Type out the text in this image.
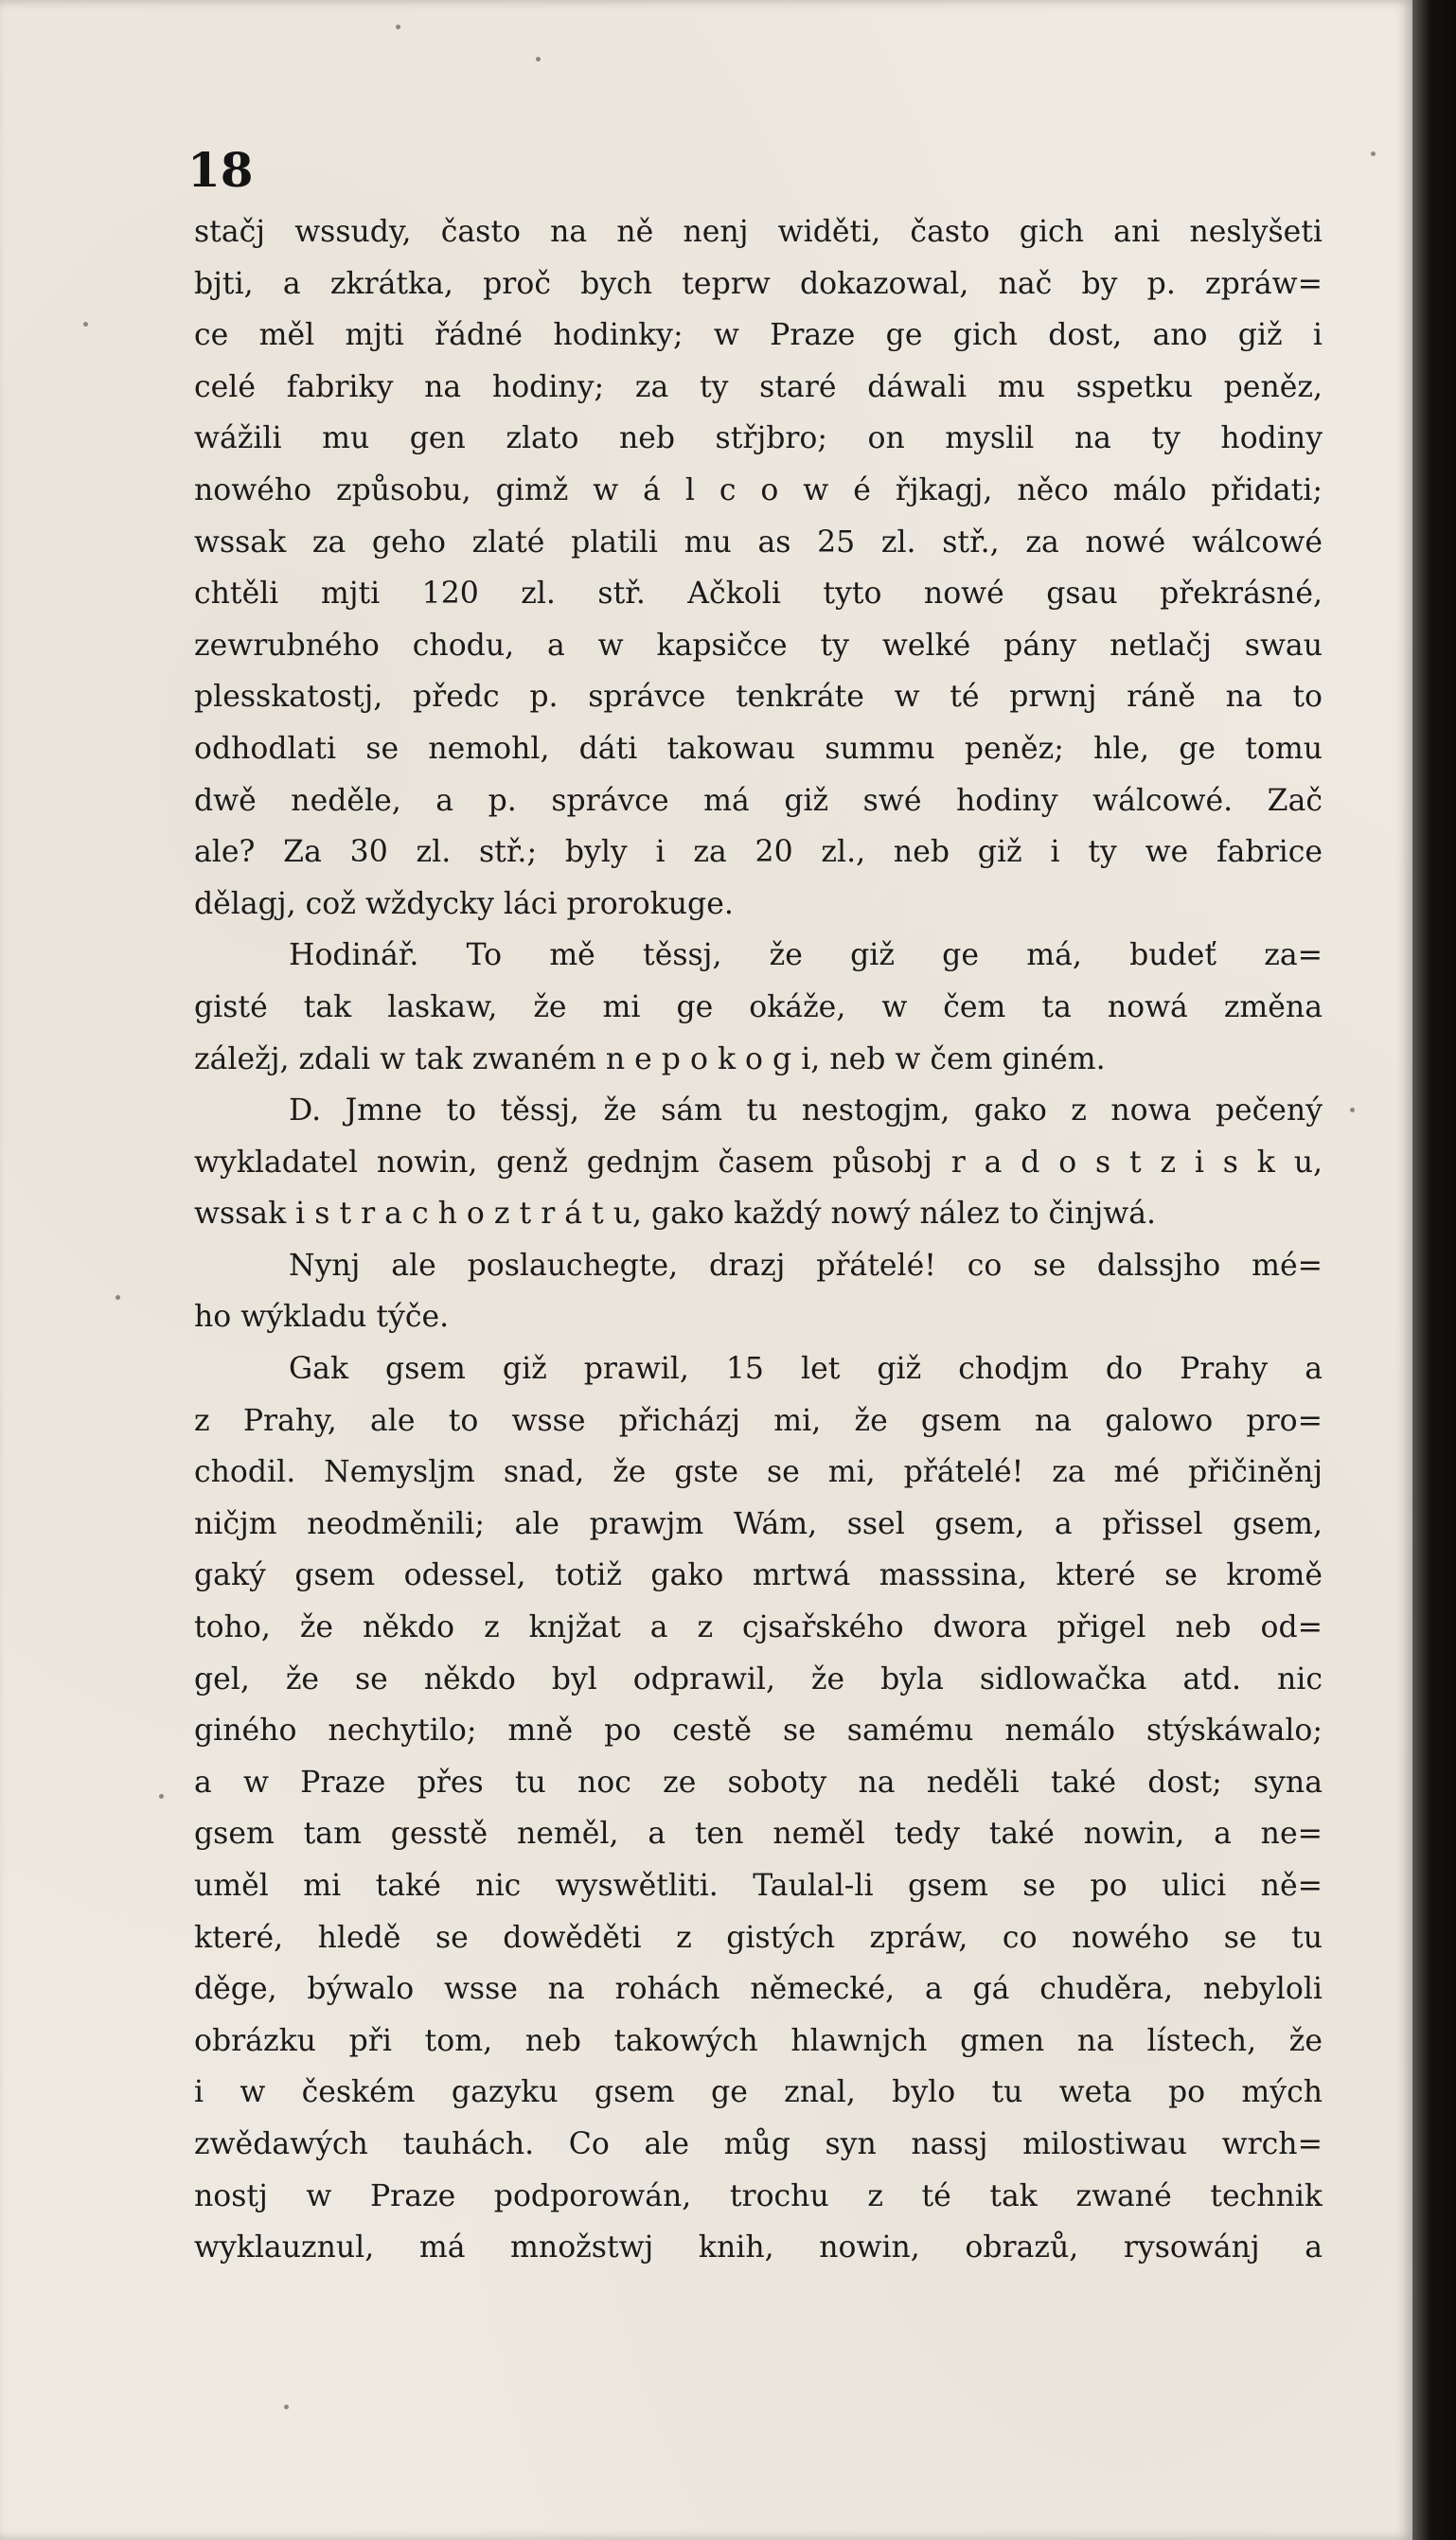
18
stačj wssudy, často na ně nenj widěti, často gich ani neslyšeti
bjti, a zkrátka, proč bych teprw dokazowal, nač by p. zpráw=
ce měl mjti řádné hodinky; w Praze ge gich dost, ano giž i
celé fabriky na hodiny; za ty staré dáwali mu sspetku peněz,
wážili mu gen zlato neb střjbro; on myslil na ty hodiny
nowého způsobu, gimž w á l c o w é řjkagj, něco málo přidati;
wssak za geho zlaté platili mu as 25 zl. stř., za nowé wálcowé
chtěli mjti 120 zl. stř. Ačkoli tyto nowé gsau překrásné,
zewrubného chodu, a w kapsičce ty welké pány netlačj swau
plesskatostj, předc p. správce tenkráte w té prwnj ráně na to
odhodlati se nemohl, dáti takowau summu peněz; hle, ge tomu
dwě neděle, a p. správce má giž swé hodiny wálcowé. Zač
ale? Za 30 zl. stř.; byly i za 20 zl., neb giž i ty we fabrice
dělagj, což wždycky láci prorokuge.
Hodinář. To mě těssj, že giž ge má, budeť za=
gisté tak laskaw, že mi ge okáže, w čem ta nowá změna
záležj, zdali w tak zwaném n e p o k o g i, neb w čem giném.
D. Jmne to těssj, že sám tu nestogjm, gako z nowa pečený
wykladatel nowin, genž gednjm časem působj r a d o s t z i s k u,
wssak i s t r a c h o z t r á t u, gako každý nowý nález to činjwá.
Nynj ale poslauchegte, drazj přátelé! co se dalssjho mé=
ho wýkladu týče.
Gak gsem giž prawil, 15 let giž chodjm do Prahy a
z Prahy, ale to wsse přicházj mi, že gsem na galowo pro=
chodil. Nemysljm snad, že gste se mi, přátelé! za mé přičiněnj
ničjm neodměnili; ale prawjm Wám, ssel gsem, a přissel gsem,
gaký gsem odessel, totiž gako mrtwá masssina, které se kromě
toho, že někdo z knjžat a z cjsařského dwora přigel neb od=
gel, že se někdo byl odprawil, že byla sidlowačka atd. nic
giného nechytilo; mně po cestě se samému nemálo stýskáwalo;
a w Praze přes tu noc ze soboty na neděli také dost; syna
gsem tam gesstě neměl, a ten neměl tedy také nowin, a ne=
uměl mi také nic wyswětliti. Taulal-li gsem se po ulici ně=
které, hledě se dowěděti z gistých zpráw, co nowého se tu
děge, býwalo wsse na rohách německé, a gá chuděra, nebyloli
obrázku při tom, neb takowých hlawnjch gmen na lístech, že
i w českém gazyku gsem ge znal, bylo tu weta po mých
zwědawých tauhách. Co ale můg syn nassj milostiwau wrch=
nostj w Praze podporowán, trochu z té tak zwané technik
wyklauznul, má množstwj knih, nowin, obrazů, rysowánj a
